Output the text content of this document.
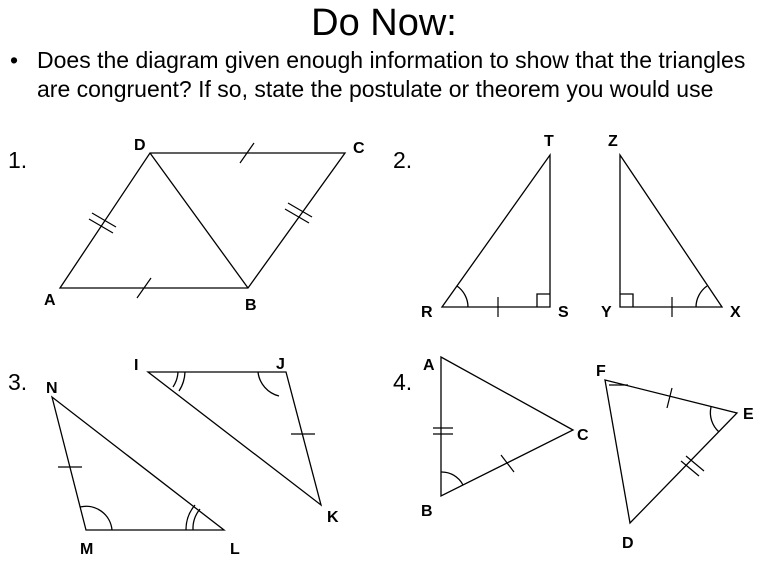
Do Now:
• Does the diagram given enough information to show that the triangles are congruent? If so, state the postulate or theorem you would use
1.	2.
3.	4.
A	B
C
D
R	S
T
Y	X
Z
N
M	L
I	J
K
A
B
C
F
E
D
